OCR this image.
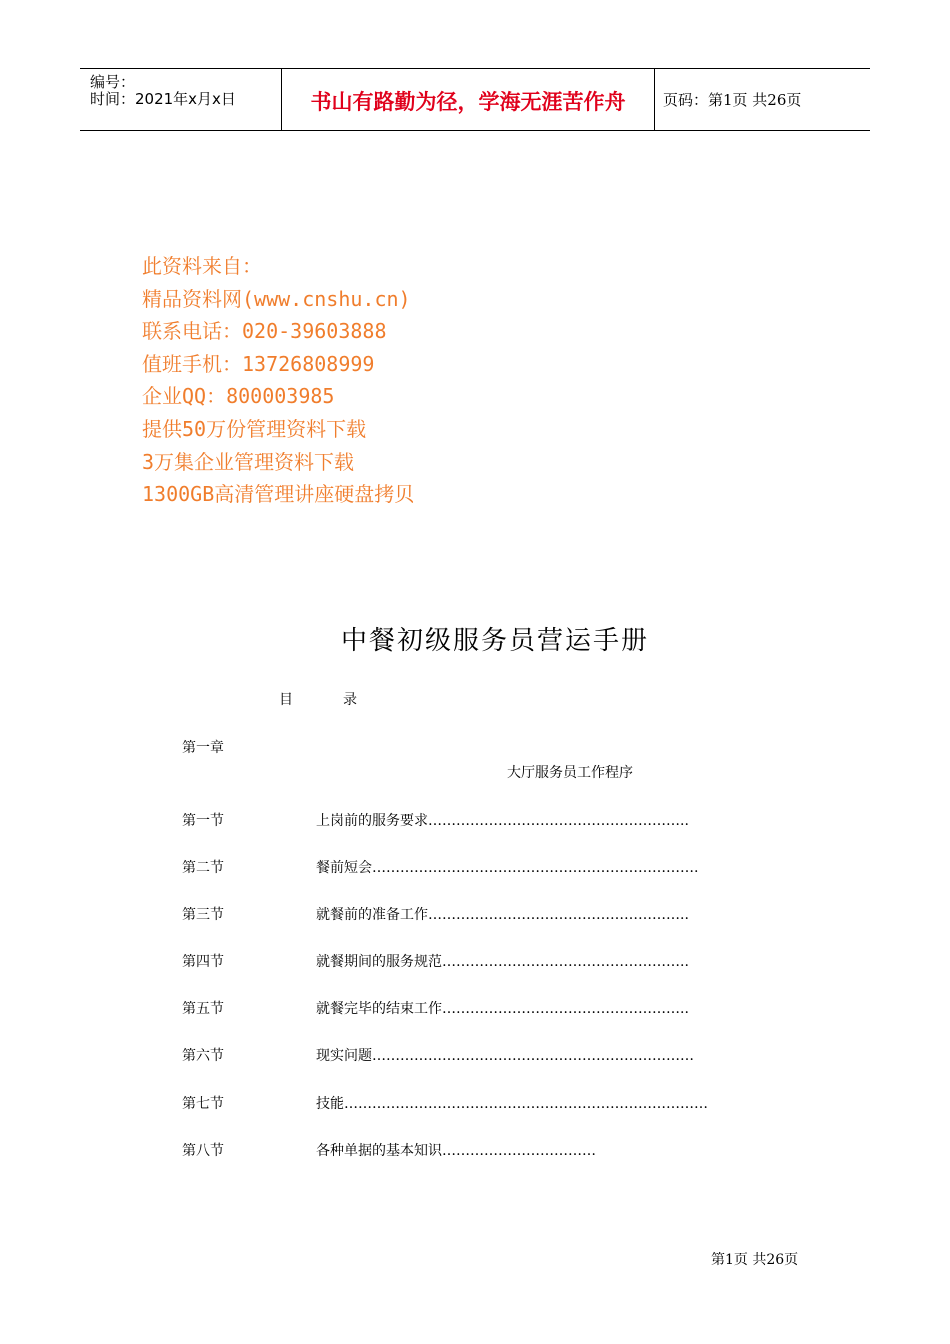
编号：
时间：2021年x月x日	书山有路勤为径，学海无涯苦作舟	页码：第1页 共26页
此资料来自：
精品资料网(www.cnshu.cn)
联系电话：020-39603888
值班手机：13726808999
企业QQ：800003985
提供50万份管理资料下载
3万集企业管理资料下载
1300GB高清管理讲座硬盘拷贝
中餐初级服务员营运手册
目	录
第一章
大厅服务员工作程序
第一节	上岗前的服务要求………………………………………………..
第二节	餐前短会…………………………………………………………….
第三节	就餐前的准备工作………………………………………………..
第四节	就餐期间的服务规范……………………………………………..
第五节	就餐完毕的结束工作……………………………………………..
第六节	现实问题……………………………………………………………
第七节	技能……………………………………………………………………
第八节	各种单据的基本知识……………………………
第1页 共26页
